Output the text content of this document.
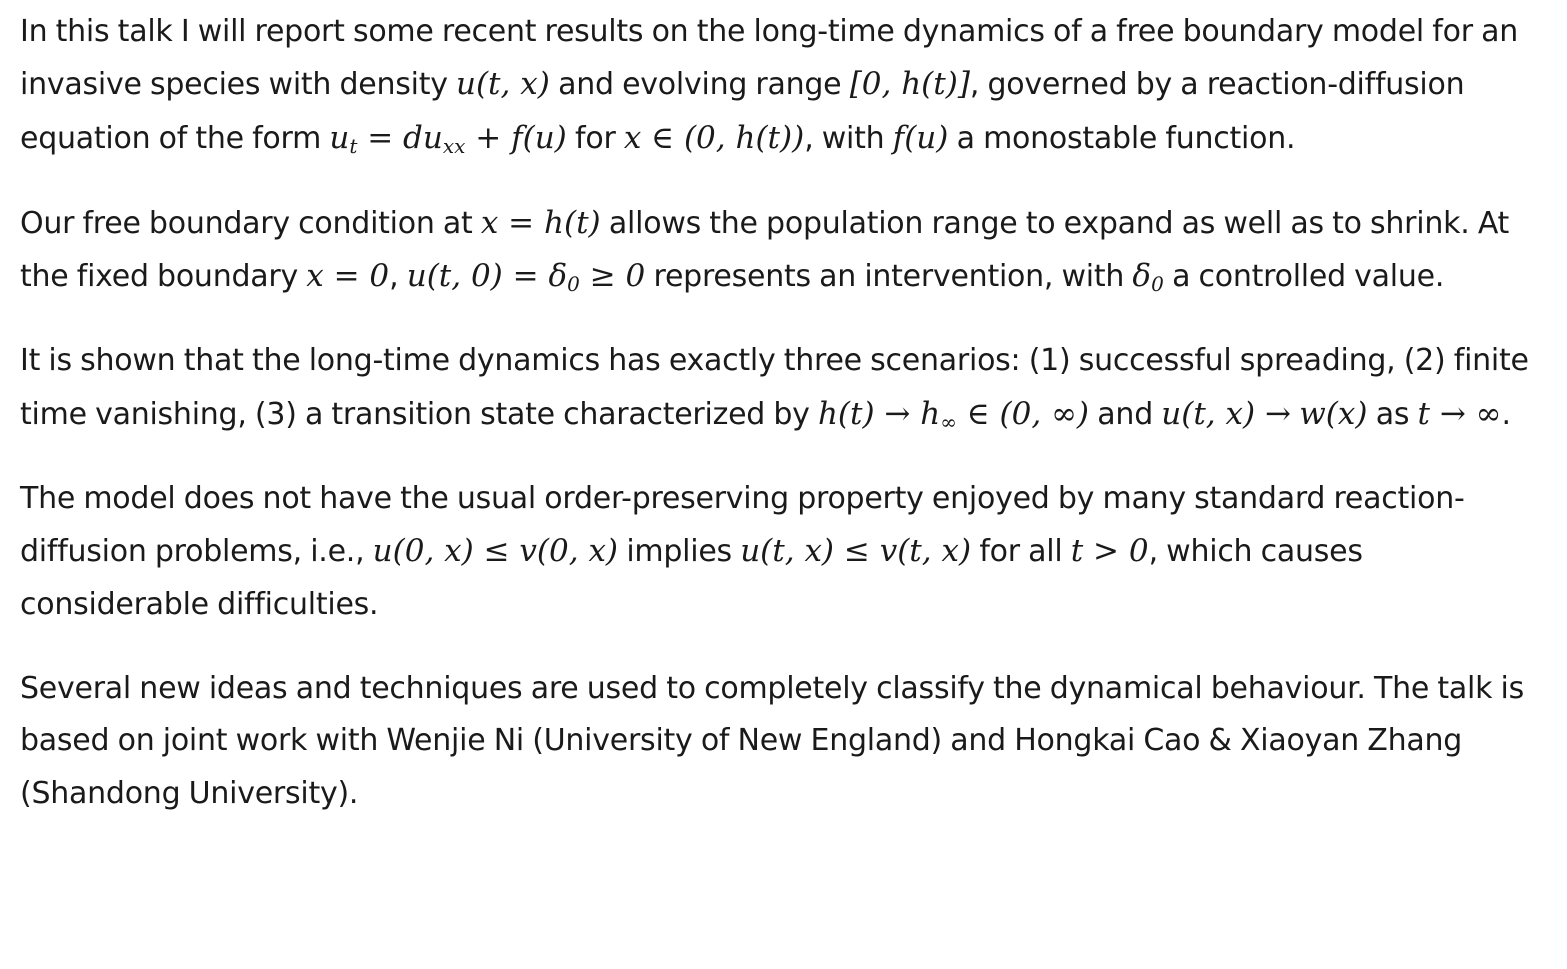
In this talk I will report some recent results on the long-time dynamics of a free boundary model for an invasive species with density u(t, x) and evolving range [0, h(t)], governed by a reaction-diffusion equation of the form $u_t = du_{xx} + f(u)$ for x ∈ (0, h(t)), with f(u) a monostable function.

Our free boundary condition at x = h(t) allows the population range to expand as well as to shrink. At the fixed boundary x = 0, u(t, $0) = \delta_0 \ge 0$ represents an intervention, with $\delta_0$ a controlled value.

It is shown that the long-time dynamics has exactly three scenarios: (1) successful spreading, (2) finite time vanishing, (3) a transition state characterized by $h(t) \to h_\infty$ ∈ (0, ∞) and u(t, x) → w(x) as t → ∞.

The model does not have the usual order-preserving property enjoyed by many standard reaction-diffusion problems, i.e., u(0, x) ≤ v(0, x) implies u(t, x) ≤ v(t, x) for all t > 0, which causes considerable difficulties.

Several new ideas and techniques are used to completely classify the dynamical behaviour. The talk is based on joint work with Wenjie Ni (University of New England) and Hongkai Cao & Xiaoyan Zhang (Shandong University).
